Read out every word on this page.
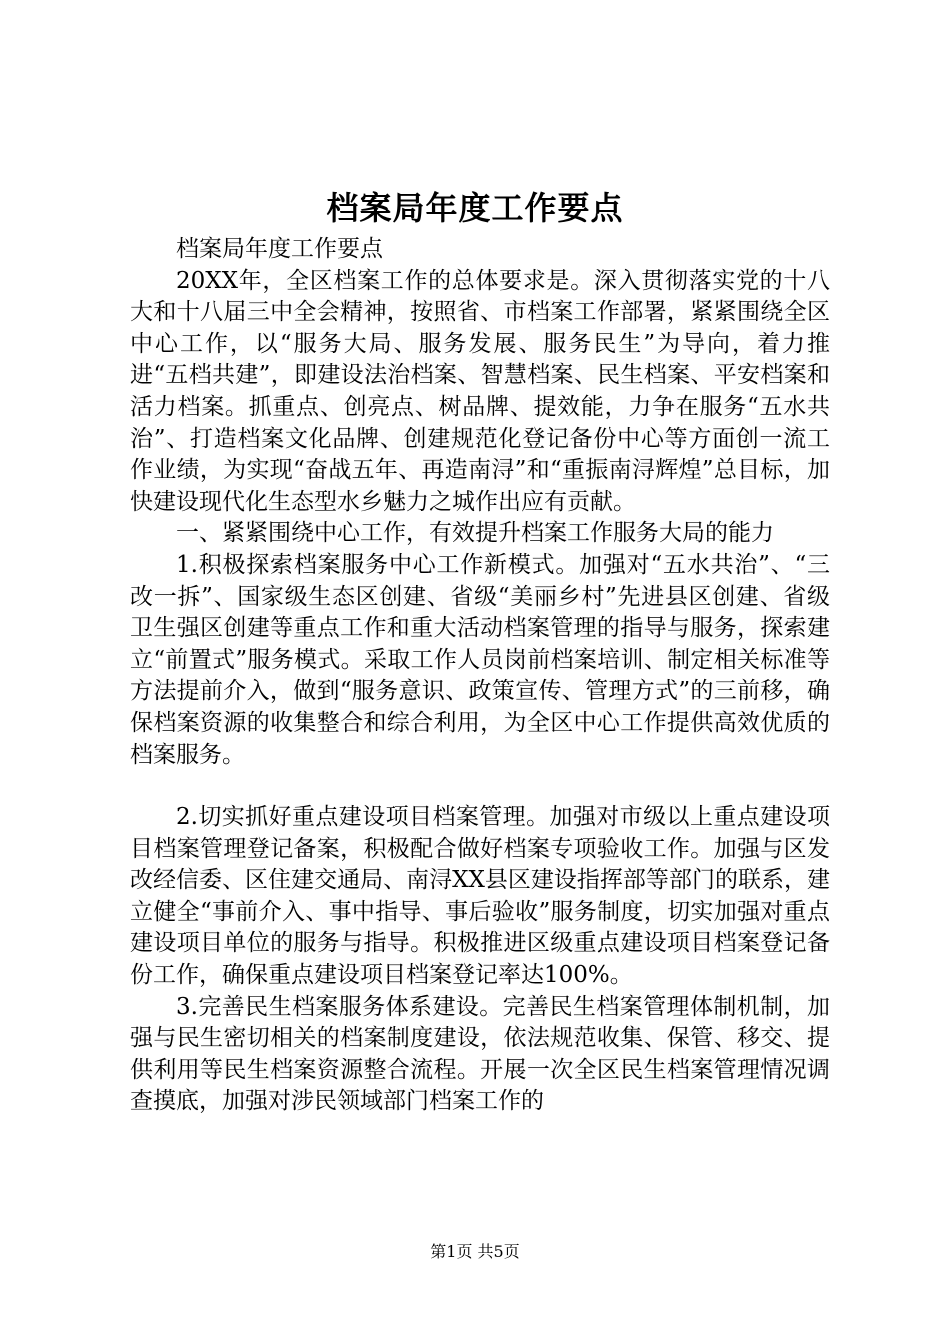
档案局年度工作要点

档案局年度工作要点

20XX年，全区档案工作的总体要求是。深入贯彻落实党的十八大和十八届三中全会精神，按照省、市档案工作部署，紧紧围绕全区中心工作，以“服务大局、服务发展、服务民生”为导向，着力推进“五档共建”，即建设法治档案、智慧档案、民生档案、平安档案和活力档案。抓重点、创亮点、树品牌、提效能，力争在服务“五水共治”、打造档案文化品牌、创建规范化登记备份中心等方面创一流工作业绩，为实现“奋战五年、再造南浔”和“重振南浔辉煌”总目标，加快建设现代化生态型水乡魅力之城作出应有贡献。

一、紧紧围绕中心工作，有效提升档案工作服务大局的能力

1.积极探索档案服务中心工作新模式。加强对“五水共治”、“三改一拆”、国家级生态区创建、省级“美丽乡村”先进县区创建、省级卫生强区创建等重点工作和重大活动档案管理的指导与服务，探索建立“前置式”服务模式。采取工作人员岗前档案培训、制定相关标准等方法提前介入，做到“服务意识、政策宣传、管理方式”的三前移，确保档案资源的收集整合和综合利用，为全区中心工作提供高效优质的档案服务。

2.切实抓好重点建设项目档案管理。加强对市级以上重点建设项目档案管理登记备案，积极配合做好档案专项验收工作。加强与区发改经信委、区住建交通局、南浔XX县区建设指挥部等部门的联系，建立健全“事前介入、事中指导、事后验收”服务制度，切实加强对重点建设项目单位的服务与指导。积极推进区级重点建设项目档案登记备份工作，确保重点建设项目档案登记率达100%。

3.完善民生档案服务体系建设。完善民生档案管理体制机制，加强与民生密切相关的档案制度建设，依法规范收集、保管、移交、提供利用等民生档案资源整合流程。开展一次全区民生档案管理情况调查摸底，加强对涉民领域部门档案工作的

第1页 共5页
